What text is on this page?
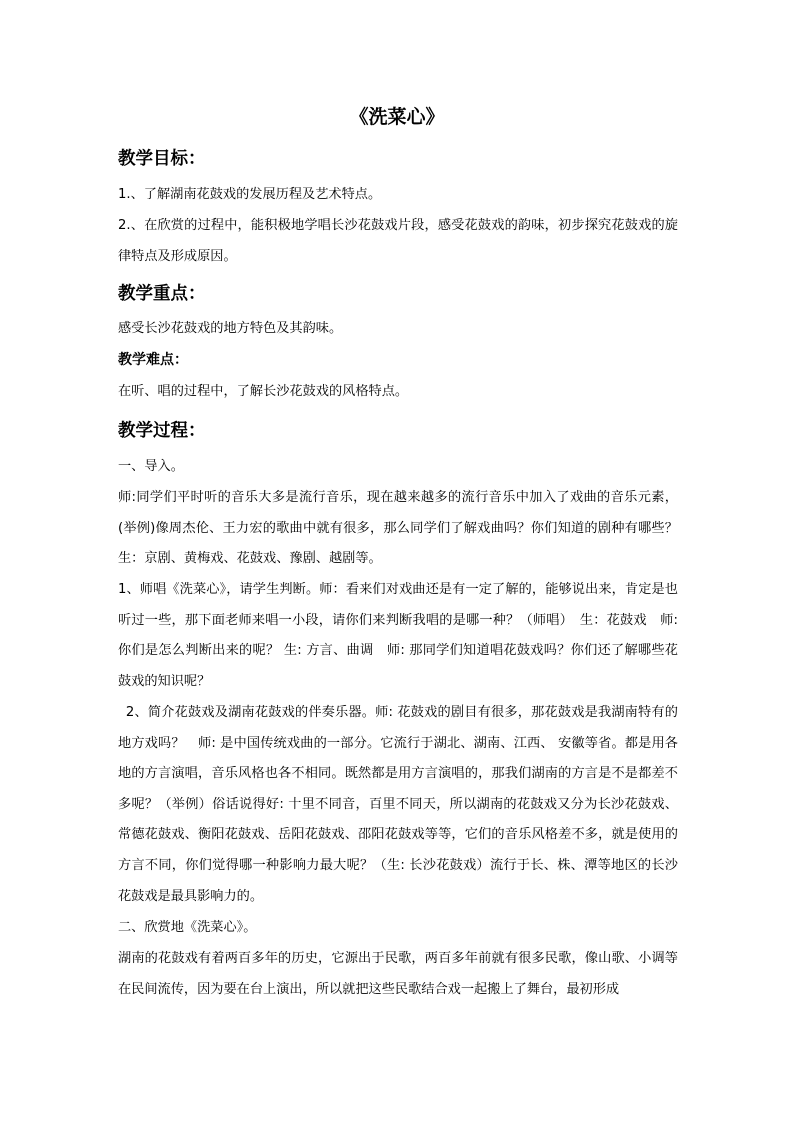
《洗菜心》
教学目标：
1.、了解湖南花鼓戏的发展历程及艺术特点。
2.、在欣赏的过程中，能积极地学唱长沙花鼓戏片段，感受花鼓戏的韵味，初步探究花鼓戏的旋律特点及形成原因。
教学重点：
感受长沙花鼓戏的地方特色及其韵味。
教学难点：
在听、唱的过程中，了解长沙花鼓戏的风格特点。
教学过程：
一、导入。
师:同学们平时听的音乐大多是流行音乐，现在越来越多的流行音乐中加入了戏曲的音乐元素，(举例)像周杰伦、王力宏的歌曲中就有很多，那么同学们了解戏曲吗？你们知道的剧种有哪些？生：京剧、黄梅戏、花鼓戏、豫剧、越剧等。
1、师唱《洗菜心》，请学生判断。师：看来们对戏曲还是有一定了解的，能够说出来，肯定是也听过一些，那下面老师来唱一小段，请你们来判断我唱的是哪一种？（师唱）　生：花鼓戏　师: 你们是怎么判断出来的呢？ 生: 方言、曲调　师: 那同学们知道唱花鼓戏吗？你们还了解哪些花鼓戏的知识呢？
2、简介花鼓戏及湖南花鼓戏的伴奏乐器。师: 花鼓戏的剧目有很多，那花鼓戏是我湖南特有的地方戏吗？　师: 是中国传统戏曲的一部分。它流行于湖北、湖南、江西、 安徽等省。都是用各地的方言演唱，音乐风格也各不相同。既然都是用方言演唱的，那我们湖南的方言是不是都差不多呢？（举例）俗话说得好: 十里不同音，百里不同天，所以湖南的花鼓戏又分为长沙花鼓戏、常德花鼓戏、衡阳花鼓戏、岳阳花鼓戏、邵阳花鼓戏等等，它们的音乐风格差不多，就是使用的方言不同，你们觉得哪一种影响力最大呢？（生: 长沙花鼓戏）流行于长、株、潭等地区的长沙花鼓戏是最具影响力的。
二、欣赏地《洗菜心》。
湖南的花鼓戏有着两百多年的历史，它源出于民歌，两百多年前就有很多民歌，像山歌、小调等在民间流传，因为要在台上演出，所以就把这些民歌结合戏一起搬上了舞台，最初形成
